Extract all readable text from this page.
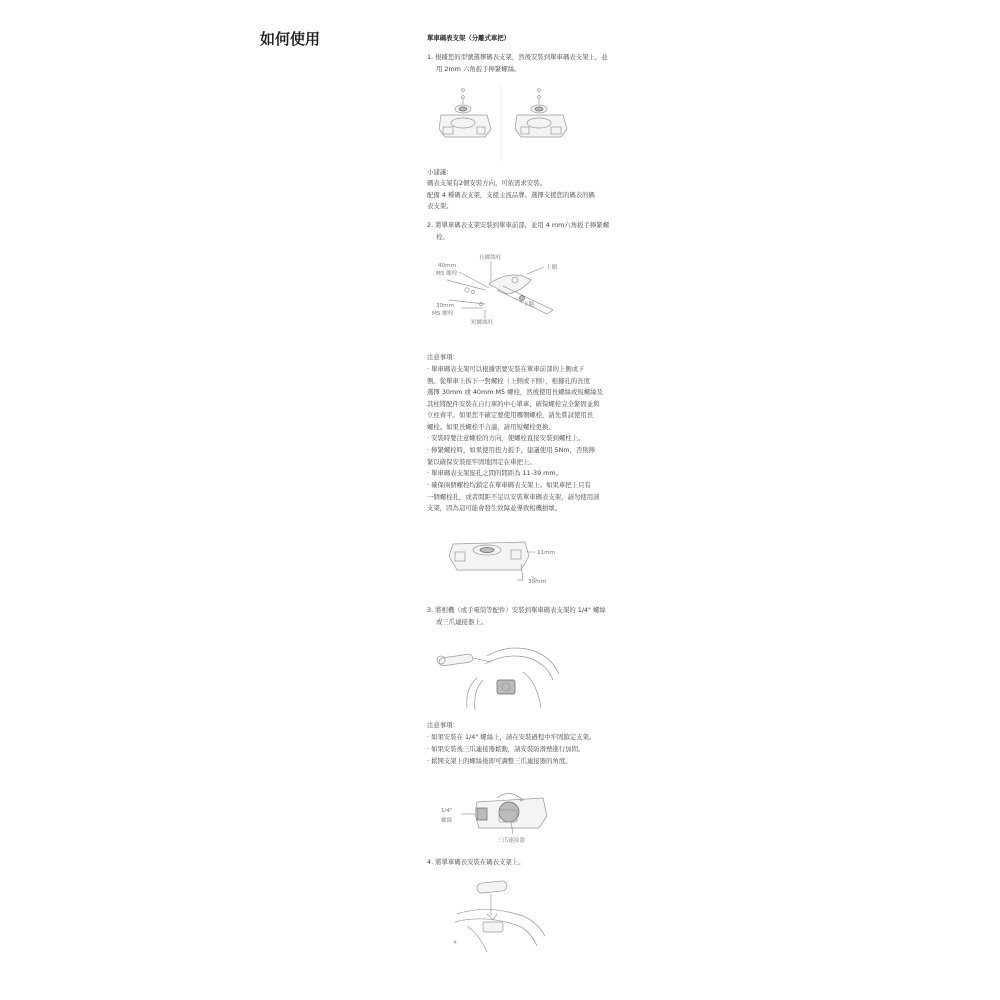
如何使用	單車碼表支架（分離式車把）
1. 根據您的型號選擇碼表支架，然後安裝到單車碼表支架上，並
用 2mm 六角扳手擰緊螺絲。
小建議：
碼表支架有2個安裝方向，可依需求安裝。
配備 4 種碼表支架，支援主流品牌。選擇支援您的碼表的碼
表支架。
2. 將單車碼表支架安裝到單車前部，並用 4 mm六角扳手擰緊螺
栓。
長螺絲柱
40mm
M5 螺栓
上側
下側
30mm
M5 螺栓
短螺絲柱
注意事項：
· 單車碼表支架可以根據需要安裝在單車前部的上側或下
側。從單車上拆下一對螺栓（上側或下側），根據孔的長度
選擇 30mm 或 40mm M5 螺栓，然後使用長螺絲或短螺絲及
其柱將配件安裝在自行車的中心單車，確保螺栓完全緊固並與
立柱齊平。如果您不確定要使用哪個螺栓，請先嘗試使用長
螺栓。如果長螺栓不合適，請用短螺栓更換。
· 安裝時要注意螺栓的方向，使螺栓直接安裝到螺柱上。
· 擰緊螺栓時，如果使用扭力扳手，建議使用 5Nm，否則擰
緊以確保安裝座牢固地固定在車把上。
· 單車碼表支架座孔之間的間距為 11-39 mm。
· 確保兩個螺栓均鎖定在單車碼表支架上。如果車把上只有
一個螺栓孔，或者間距不足以安裝單車碼表支架，請勿使用該
支架，因為這可能會發生故障並導致相機損壞。
11mm
39mm
3. 將相機（或手電筒等配件）安裝到單車碼表支架的 1/4" 螺絲
或三爪連接器上。
注意事項：
· 如果安裝在 1/4" 螺絲上，請在安裝過程中牢固鎖定支架。
· 如果安裝後三爪連接器鬆動，請安裝防滑墊進行加固。
· 鬆開支架上的螺絲後即可調整三爪連接器的角度。
1/4"
螺絲
三爪連接器
4. 將單車碼表安裝在碼表支架上。
